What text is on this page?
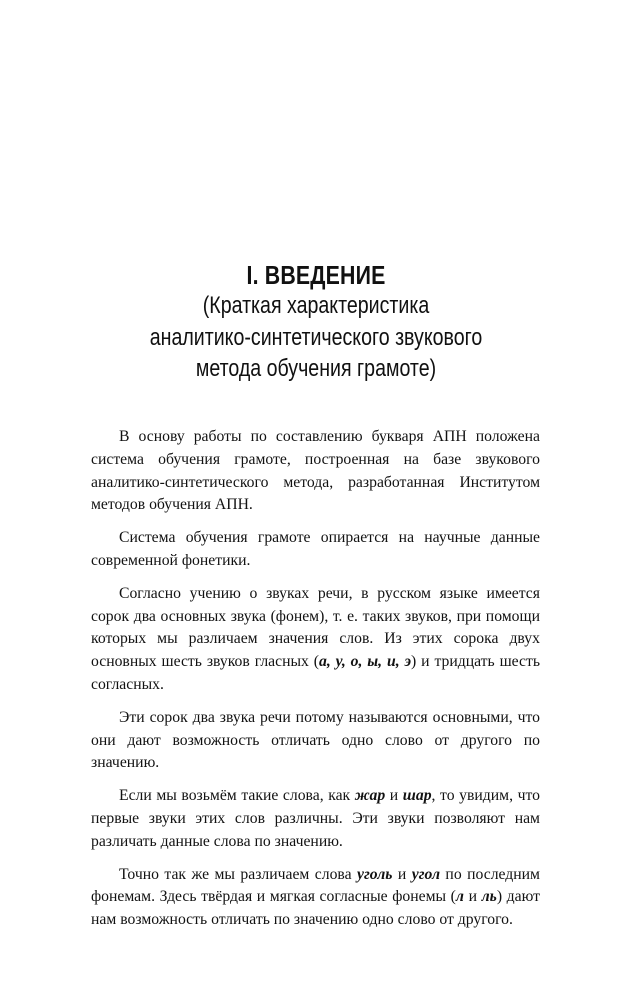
I. ВВЕДЕНИЕ
(Краткая характеристика
аналитико-синтетического звукового
метода обучения грамоте)

В основу работы по составлению букваря АПН положена система обучения грамоте, построенная на базе звукового аналитико-синтетического метода, разработанная Институтом методов обучения АПН.

Система обучения грамоте опирается на научные данные современной фонетики.

Согласно учению о звуках речи, в русском языке имеется сорок два основных звука (фонем), т. е. таких звуков, при помощи которых мы различаем значения слов. Из этих сорока двух основных шесть звуков гласных (а, у, о, ы, и, э) и тридцать шесть согласных.

Эти сорок два звука речи потому называются основными, что они дают возможность отличать одно слово от другого по значению.

Если мы возьмём такие слова, как жар и шар, то увидим, что первые звуки этих слов различны. Эти звуки позволяют нам различать данные слова по значению.

Точно так же мы различаем слова уголь и угол по последним фонемам. Здесь твёрдая и мягкая согласные фонемы (л и ль) дают нам возможность отличать по значению одно слово от другого.
